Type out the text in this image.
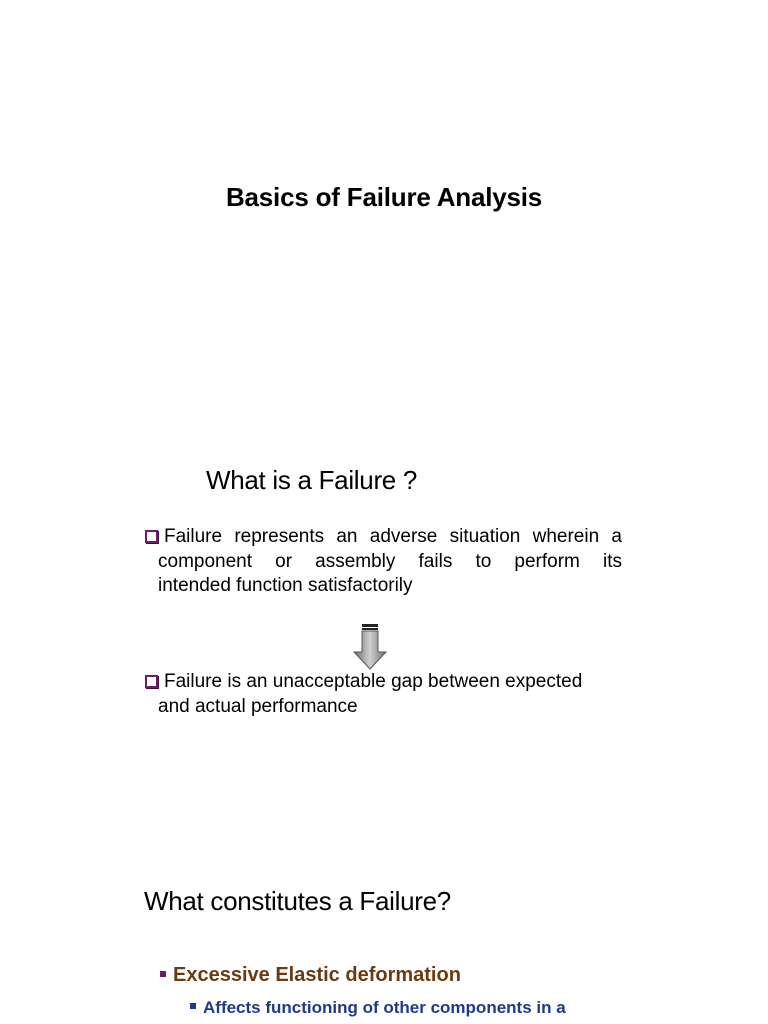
Basics of Failure Analysis
What is a Failure ?
Failure represents an adverse situation wherein a
component or assembly fails to perform its
intended function satisfactorily
Failure is an unacceptable gap between expected
and actual performance
What constitutes a Failure?
Excessive Elastic deformation
Affects functioning of other components in a
